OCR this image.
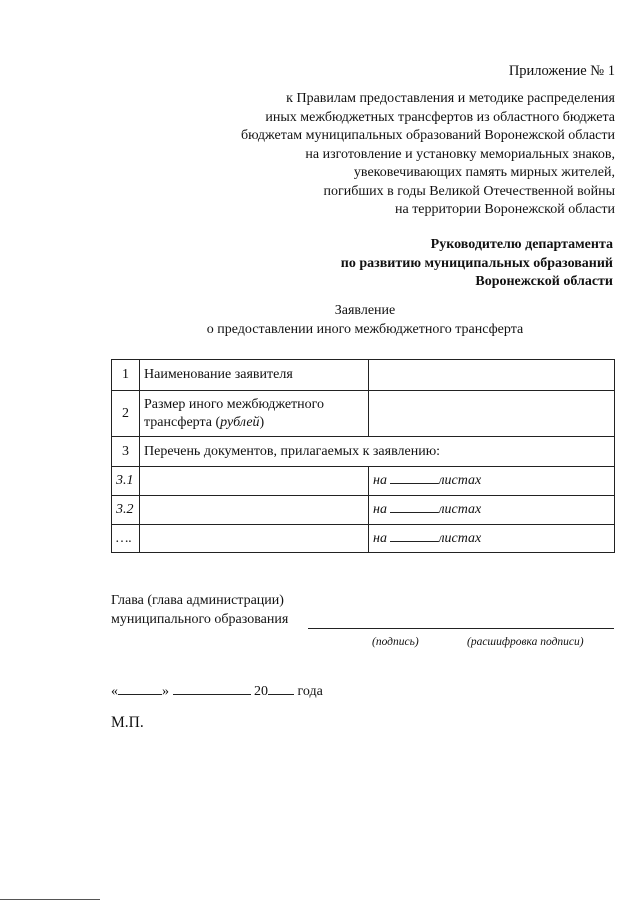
Приложение № 1
к Правилам предоставления и методике распределения
иных межбюджетных трансфертов из областного бюджета
бюджетам муниципальных образований Воронежской области
на изготовление и установку мемориальных знаков,
увековечивающих память мирных жителей,
погибших в годы Великой Отечественной войны
на территории Воронежской области
Руководителю департамента
по развитию муниципальных образований
Воронежской области
Заявление
о предоставлении иного межбюджетного трансферта
1	Наименование заявителя	
2	Размер иного межбюджетного
трансферта (рублей)	
3	Перечень документов, прилагаемых к заявлению:	
3.1		на листах
3.2		на листах
….		на листах
Глава (глава администрации)
муниципального образования
(подпись)	(расшифровка подписи)
«	»	20 года
М.П.
